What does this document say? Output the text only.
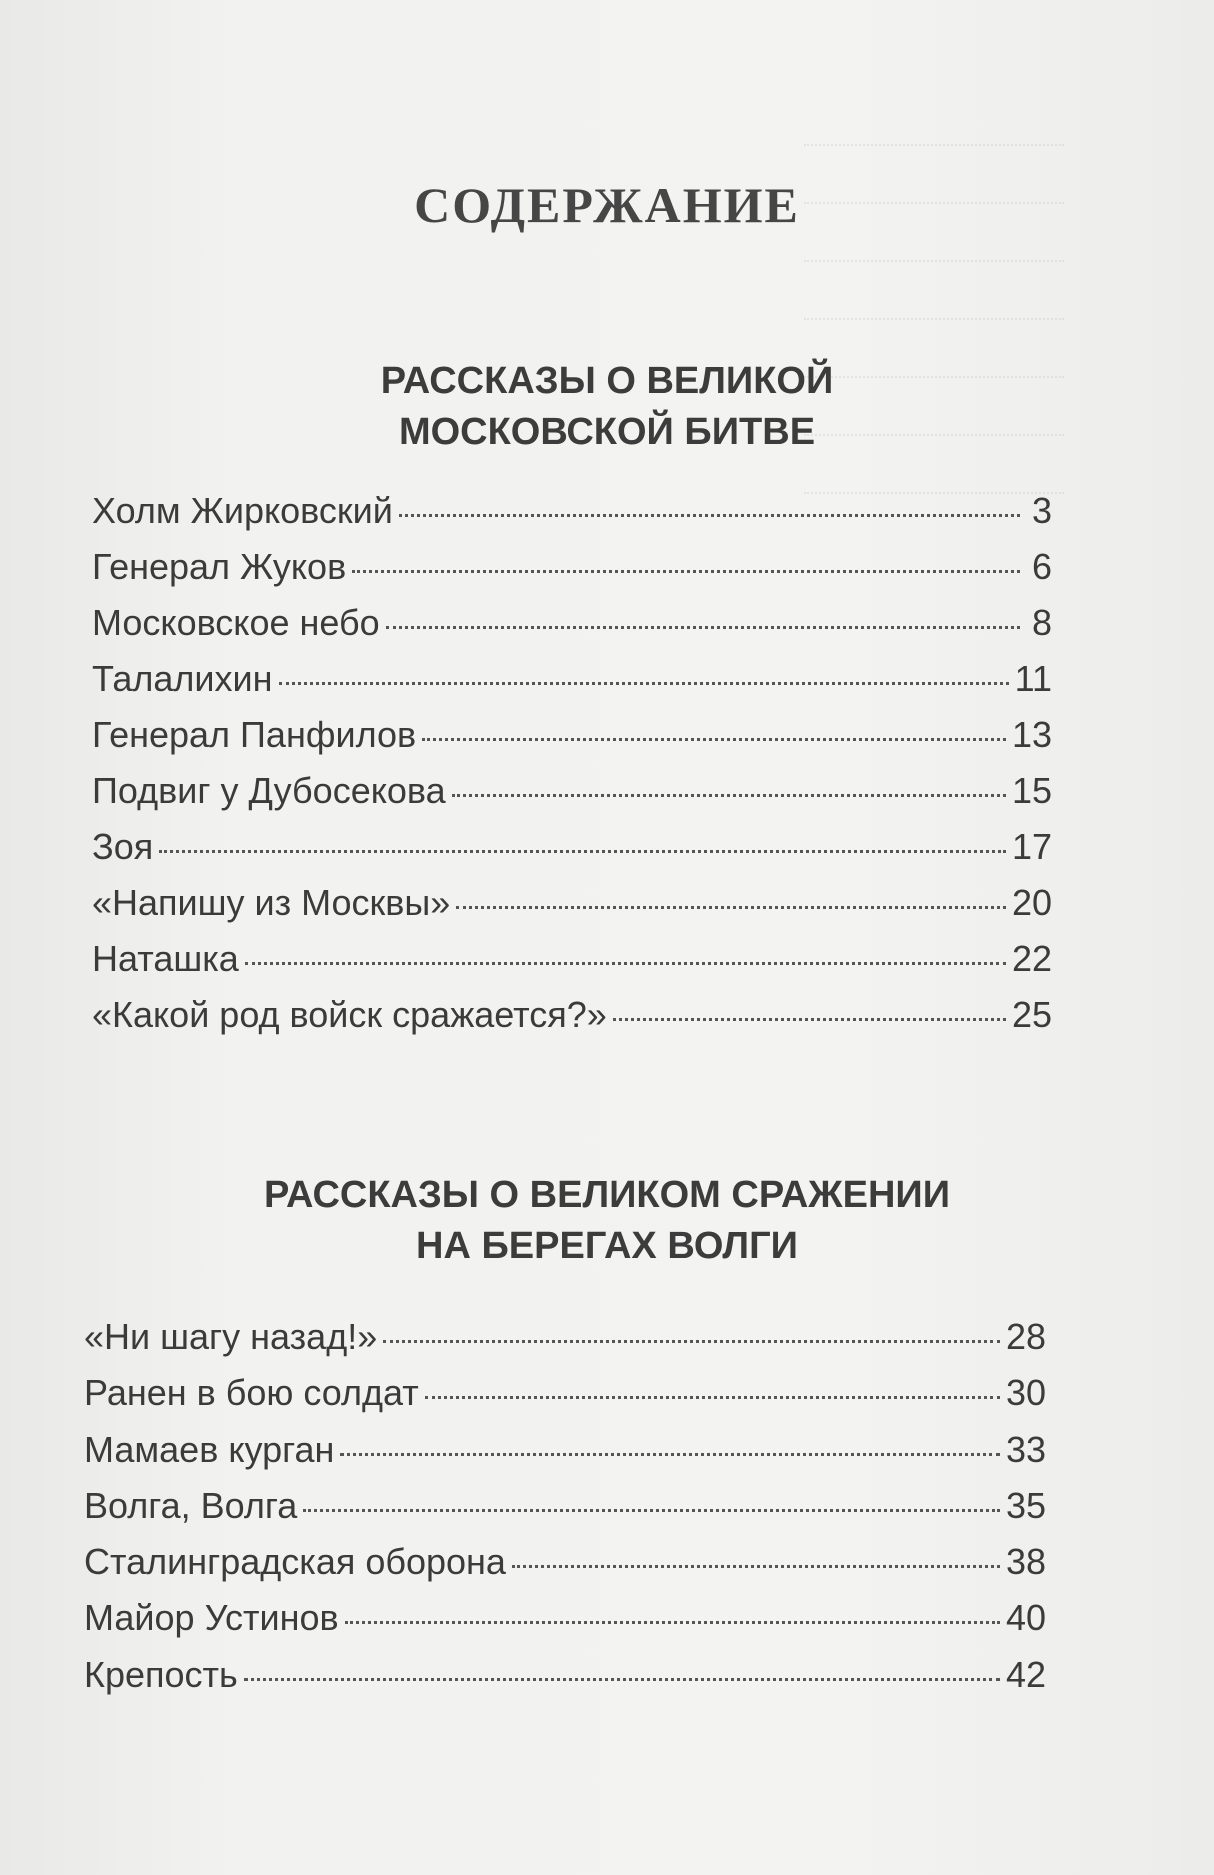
СОДЕРЖАНИЕ
РАССКАЗЫ О ВЕЛИКОЙ
МОСКОВСКОЙ БИТВЕ
Холм Жирковский	3
Генерал Жуков	6
Московское небо	8
Талалихин	11
Генерал Панфилов	13
Подвиг у Дубосекова	15
Зоя	17
«Напишу из Москвы»	20
Наташка	22
«Какой род войск сражается?»	25
РАССКАЗЫ О ВЕЛИКОМ СРАЖЕНИИ
НА БЕРЕГАХ ВОЛГИ
«Ни шагу назад!»	28
Ранен в бою солдат	30
Мамаев курган	33
Волга, Волга	35
Сталинградская оборона	38
Майор Устинов	40
Крепость	42
